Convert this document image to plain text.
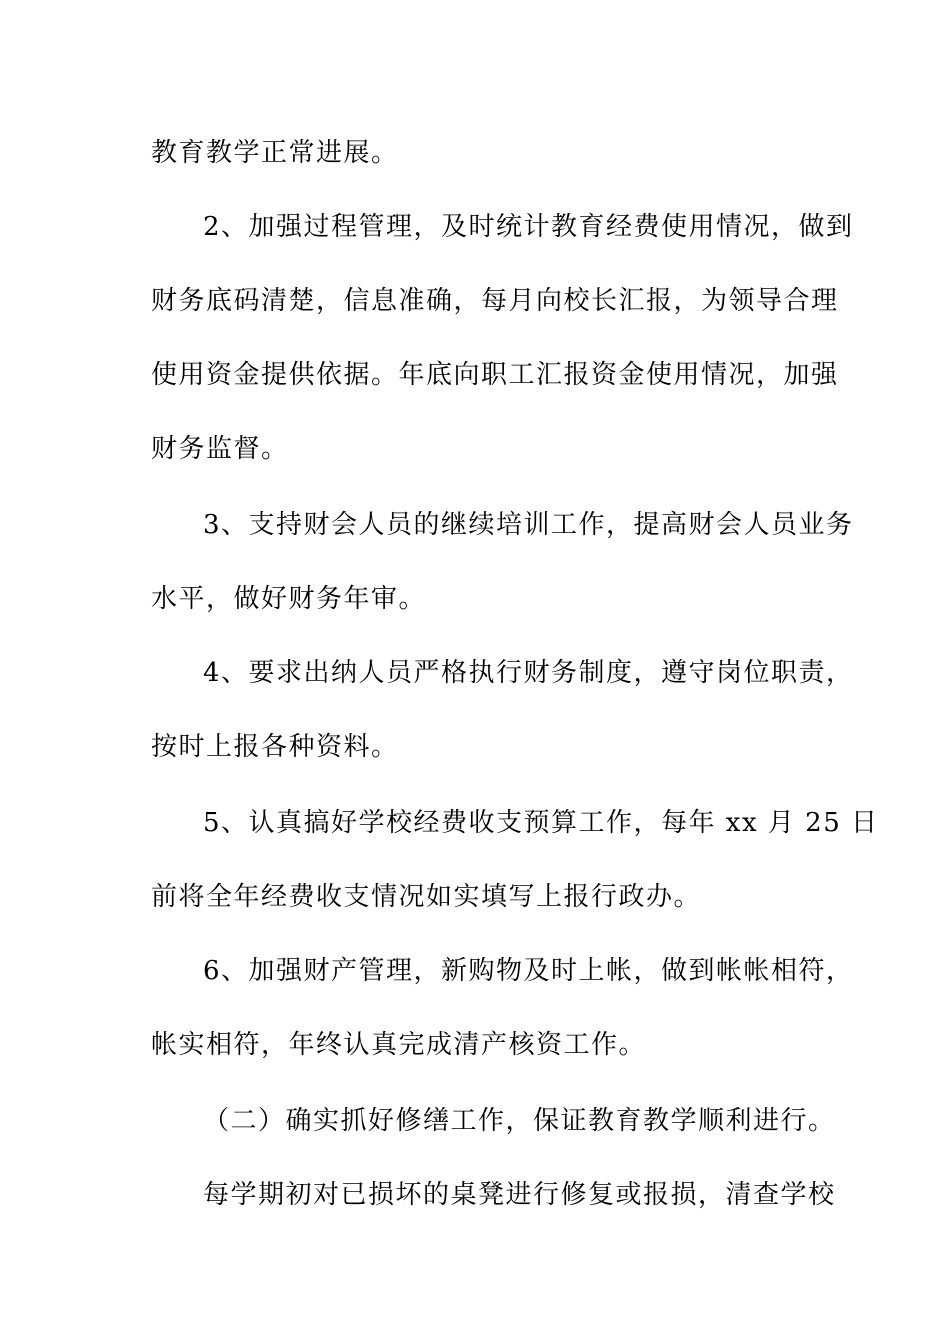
教育教学正常进展。

2、加强过程管理，及时统计教育经费使用情况，做到

财务底码清楚，信息准确，每月向校长汇报，为领导合理

使用资金提供依据。年底向职工汇报资金使用情况，加强

财务监督。

3、支持财会人员的继续培训工作，提高财会人员业务

水平，做好财务年审。

4、要求出纳人员严格执行财务制度，遵守岗位职责，

按时上报各种资料。

5、认真搞好学校经费收支预算工作，每年 xx 月 25 日

前将全年经费收支情况如实填写上报行政办。

6、加强财产管理，新购物及时上帐，做到帐帐相符，

帐实相符，年终认真完成清产核资工作。

（二）确实抓好修缮工作，保证教育教学顺利进行。

每学期初对已损坏的桌凳进行修复或报损，清查学校
